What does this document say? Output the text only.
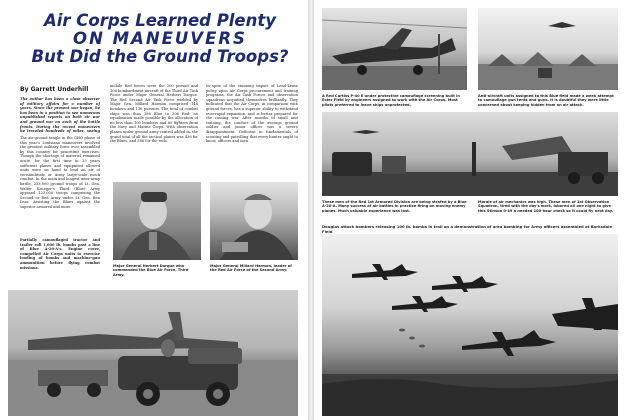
Air Corps Learned Plenty
ON MANEUVERS
But Did the Ground Troops?
By Garrett Underhill
The author has been a close observer of military affairs for a number of years. Since the present war began, he has been in a position to see numerous unpublished reports on both air war and ground war on each of the battle fronts. During the recent maneuvers he traveled hundreds of miles, seeing
The air-ground tangle in the GHQ phase of this year's Louisiana maneuvers involved the greatest military force ever assembled by this country for peacetime exercises. Though the shortage of materiel remained acute, for the first time in 25 years sufficient planes and equipment allowed units were on hand to lend an air of verisimilitude or Army large-scale mock combat. In the main and longest inter-army battle, 253,000 ground troops of Lt. Gen. Walter Krueger's Third (Blue) Army opposed 123,000 troops comprising the Second or Red Army under Lt. Gen. Ben Lear. Assisting the Blues against the superior armored and more
Partially camouflaged tractor and trailer roll 1,000 lb. bombs past a line of Blue A-20-A's. Engine cover, compelled Air Corps units to exercise loading of bombs and machine-gun ammunition before flying combat missions.
mobile Red forces were the 200 pursuit and 106 bombardment aircraft of the Third Air Task Force under Major General Herbert Dargue. The Red Second Air Task Force wielded by Major Gen. Millard Harmon comprised 148 bombers and 136 pursuits. The total of combat ships was thus 396 Blue to 306 Red: an equalization made possible by the allocation of no less than 100 bombers and 60 fighters from the Navy and Marine Corps. With observation planes under ground army control added in, the grand total of all the tactical planes was 436 for the Blues, and 386 for the reds.
In spite of the stunning impact of Lend-Lease policy upon Air Corps procurement and training programs, the Air Task Forces and observation squadrons acquitted themselves brilliantly. They indicated that the Air Corps, in comparison with ground forces, has a superior ability to withstand over-rapid expansion, and is better prepared for the coming war. After months of small unit training, the conduct of the average ground soldier and junior officer was a severe disappointment. Deficient in fundamentals of scouting and patrolling that every hunter ought to know, officers and men
Major General Herbert Dargue who commanded the Blue Air Force, Third Army.
Major General Millard Harmon, leader of the Red Air Force of the Second Army.
A Red Curtiss P-40 E under protective camouflage screening built in Ester Field by engineers assigned to work with the Air Corps. Most pilots preferred to leave ships unprotected.
Anti-aircraft units assigned to this Blue field made a week attempt to camouflage gun tents and guns. It is doubtful they were little concerned about keeping hidden from an air attack.
These men of the Red 1st Armored Division are being strafed by a Blue A-20-A. Many success of air battles in practice firing on moving enemy planes. Much valuable experience was lost.
Morale of air mechanics was high. These men of 1st Observation Squadron, tired with the day's work, labored all one night to give this Stinson 0-49 a needed 100-hour check so it could fly next day.
Douglas attack bombers releasing 100 lb. bombs in trail on a demonstration of area bombing for Army officers assembled at Barksdale Field
